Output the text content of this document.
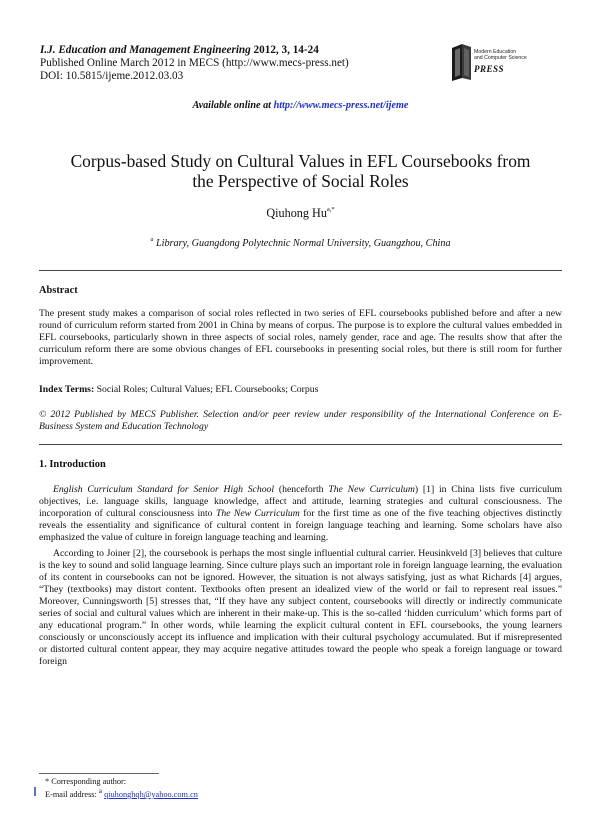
I.J. Education and Management Engineering 2012, 3, 14-24
Published Online March 2012 in MECS (http://www.mecs-press.net)
DOI: 10.5815/ijeme.2012.03.03
Modern Education
and Computer Science
PRESS
Available online at http://www.mecs-press.net/ijeme
Corpus-based Study on Cultural Values in EFL Coursebooks from
the Perspective of Social Roles
Qiuhong $Hu^{a,*}$
$^a$ Library, Guangdong Polytechnic Normal University, Guangzhou, China
Abstract
The present study makes a comparison of social roles reflected in two series of EFL coursebooks published before and after a new round of curriculum reform started from 2001 in China by means of corpus. The purpose is to explore the cultural values embedded in EFL coursebooks, particularly shown in three aspects of social roles, namely gender, race and age. The results show that after the curriculum reform there are some obvious changes of EFL coursebooks in presenting social roles, but there is still room for further improvement.
Index Terms: Social Roles; Cultural Values; EFL Coursebooks; Corpus
© 2012 Published by MECS Publisher. Selection and/or peer review under responsibility of the International Conference on E-Business System and Education Technology
1. Introduction
English Curriculum Standard for Senior High School (henceforth The New Curriculum) [1] in China lists five curriculum objectives, i.e. language skills, language knowledge, affect and attitude, learning strategies and cultural consciousness. The incorporation of cultural consciousness into The New Curriculum for the first time as one of the five teaching objectives distinctly reveals the essentiality and significance of cultural content in foreign language teaching and learning. Some scholars have also emphasized the value of culture in foreign language teaching and learning.
According to Joiner [2], the coursebook is perhaps the most single influential cultural carrier. Heusinkveld [3] believes that culture is the key to sound and solid language learning. Since culture plays such an important role in foreign language learning, the evaluation of its content in coursebooks can not be ignored. However, the situation is not always satisfying, just as what Richards [4] argues, “They (textbooks) may distort content. Textbooks often present an idealized view of the world or fail to represent real issues.” Moreover, Cunningsworth [5] stresses that, “If they have any subject content, coursebooks will directly or indirectly communicate series of social and cultural values which are inherent in their make-up. This is the so-called ‘hidden curriculum’ which forms part of any educational program.” In other words, while learning the explicit cultural content in EFL coursebooks, the young learners consciously or unconsciously accept its influence and implication with their cultural psychology accumulated. But if misrepresented or distorted cultural content appear, they may acquire negative attitudes toward the people who speak a foreign language or toward foreign
* Corresponding author:
E-mail address: $^a$ qiuhonghqh@yahoo.com.cn
